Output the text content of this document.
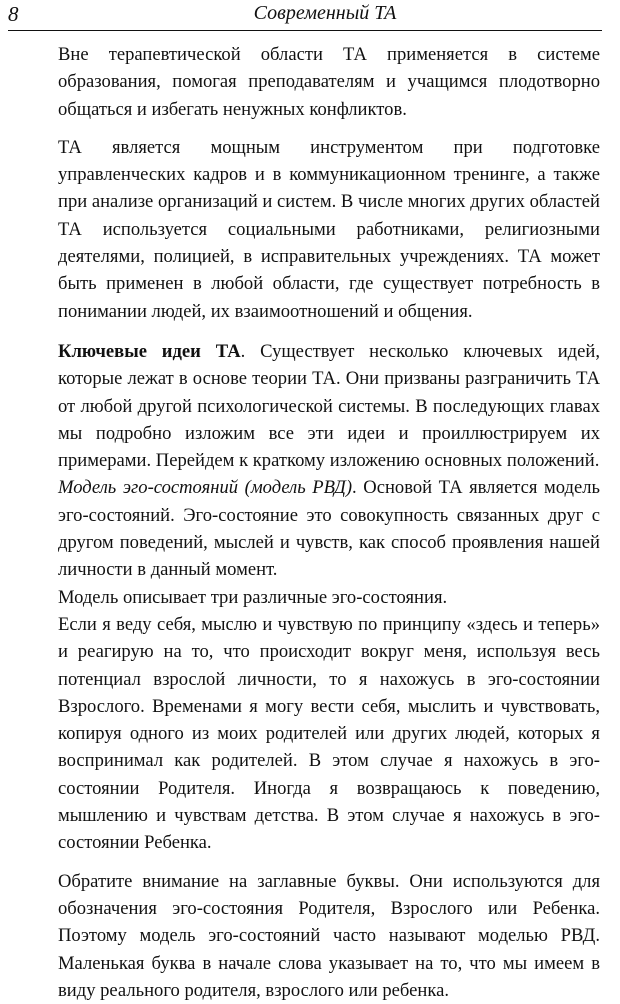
8	Современный ТА

Вне терапевтической области ТА применяется в системе образования, помогая преподавателям и учащимся плодотворно общаться и избегать ненужных конфликтов.

ТА является мощным инструментом при подготовке управленческих кадров и в коммуникационном тренинге, а также при анализе организаций и систем. В числе многих других областей ТА используется социальными работниками, религиозными деятелями, полицией, в исправительных учреждениях. ТА может быть применен в любой области, где существует потребность в понимании людей, их взаимоотношений и общения.

Ключевые идеи ТА. Существует несколько ключевых идей, которые лежат в основе теории ТА. Они призваны разграничить ТА от любой другой психологической системы. В последующих главах мы подробно изложим все эти идеи и проиллюстрируем их примерами. Перейдем к краткому изложению основных положений.

Модель эго-состояний (модель РВД). Основой ТА является модель эго-состояний. Эго-состояние это совокупность связанных друг с другом поведений, мыслей и чувств, как способ проявления нашей личности в данный момент.

Модель описывает три различные эго-состояния.

Если я веду себя, мыслю и чувствую по принципу «здесь и теперь» и реагирую на то, что происходит вокруг меня, используя весь потенциал взрослой личности, то я нахожусь в эго-состоянии Взрослого. Временами я могу вести себя, мыслить и чувствовать, копируя одного из моих родителей или других людей, которых я воспринимал как родителей. В этом случае я нахожусь в эго-состоянии Родителя. Иногда я возвращаюсь к поведению, мышлению и чувствам детства. В этом случае я нахожусь в эго-состоянии Ребенка.

Обратите внимание на заглавные буквы. Они используются для обозначения эго-состояния Родителя, Взрослого или Ребенка. Поэтому модель эго-состояний часто называют моделью РВД. Маленькая буква в начале слова указывает на то, что мы имеем в виду реального родителя, взрослого или ребенка.
